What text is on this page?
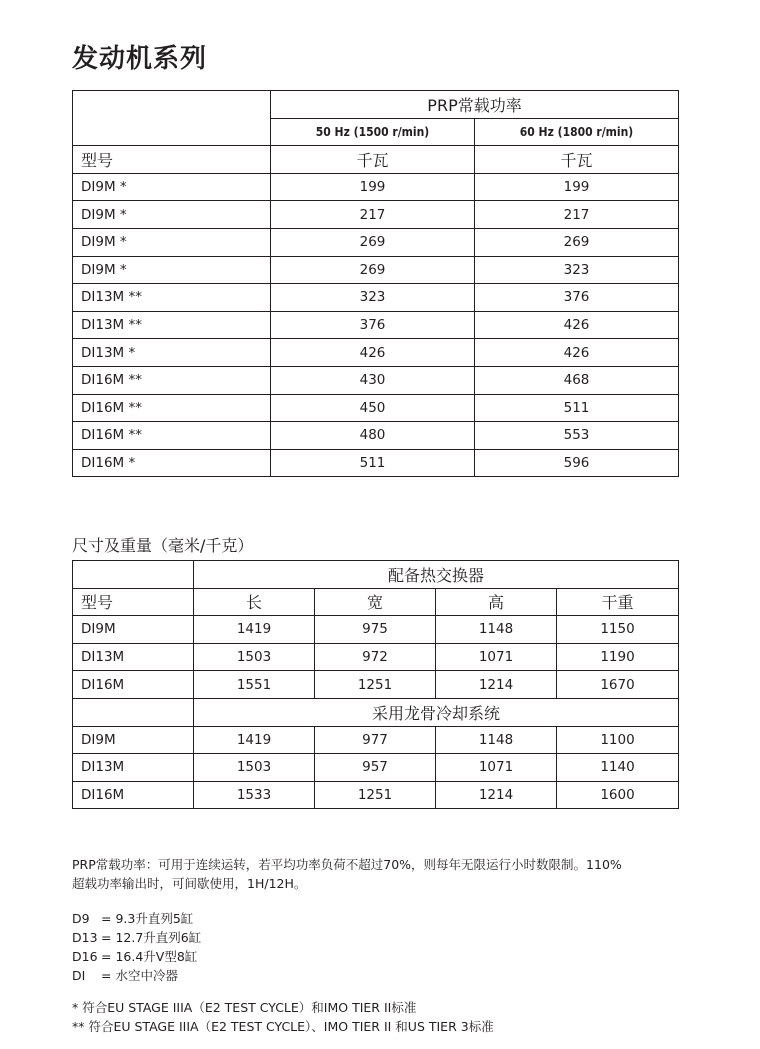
发动机系列
	PRP常载功率	
	50 Hz (1500 r/min)	60 Hz (1800 r/min)
型号	千瓦	千瓦
DI9M *	199	199
DI9M *	217	217
DI9M *	269	269
DI9M *	269	323
DI13M **	323	376
DI13M **	376	426
DI13M *	426	426
DI16M **	430	468
DI16M **	450	511
DI16M **	480	553
DI16M *	511	596
尺寸及重量（毫米/千克）
	配备热交换器			
型号	长	宽	高	干重
DI9M	1419	975	1148	1150
DI13M	1503	972	1071	1190
DI16M	1551	1251	1214	1670
	采用龙骨冷却系统			
DI9M	1419	977	1148	1100
DI13M	1503	957	1071	1140
DI16M	1533	1251	1214	1600
PRP常载功率：可用于连续运转，若平均功率负荷不超过70%，则每年无限运行小时数限制。110%
超载功率输出时，可间歇使用，1H/12H。
D9 = 9.3升直列5缸
D13 = 12.7升直列6缸
D16 = 16.4升V型8缸
DI	= 水空中冷器
* 符合EU STAGE IIIA（E2 TEST CYCLE）和IMO TIER II标准
** 符合EU STAGE IIIA（E2 TEST CYCLE）、IMO TIER II 和US TIER 3标准
